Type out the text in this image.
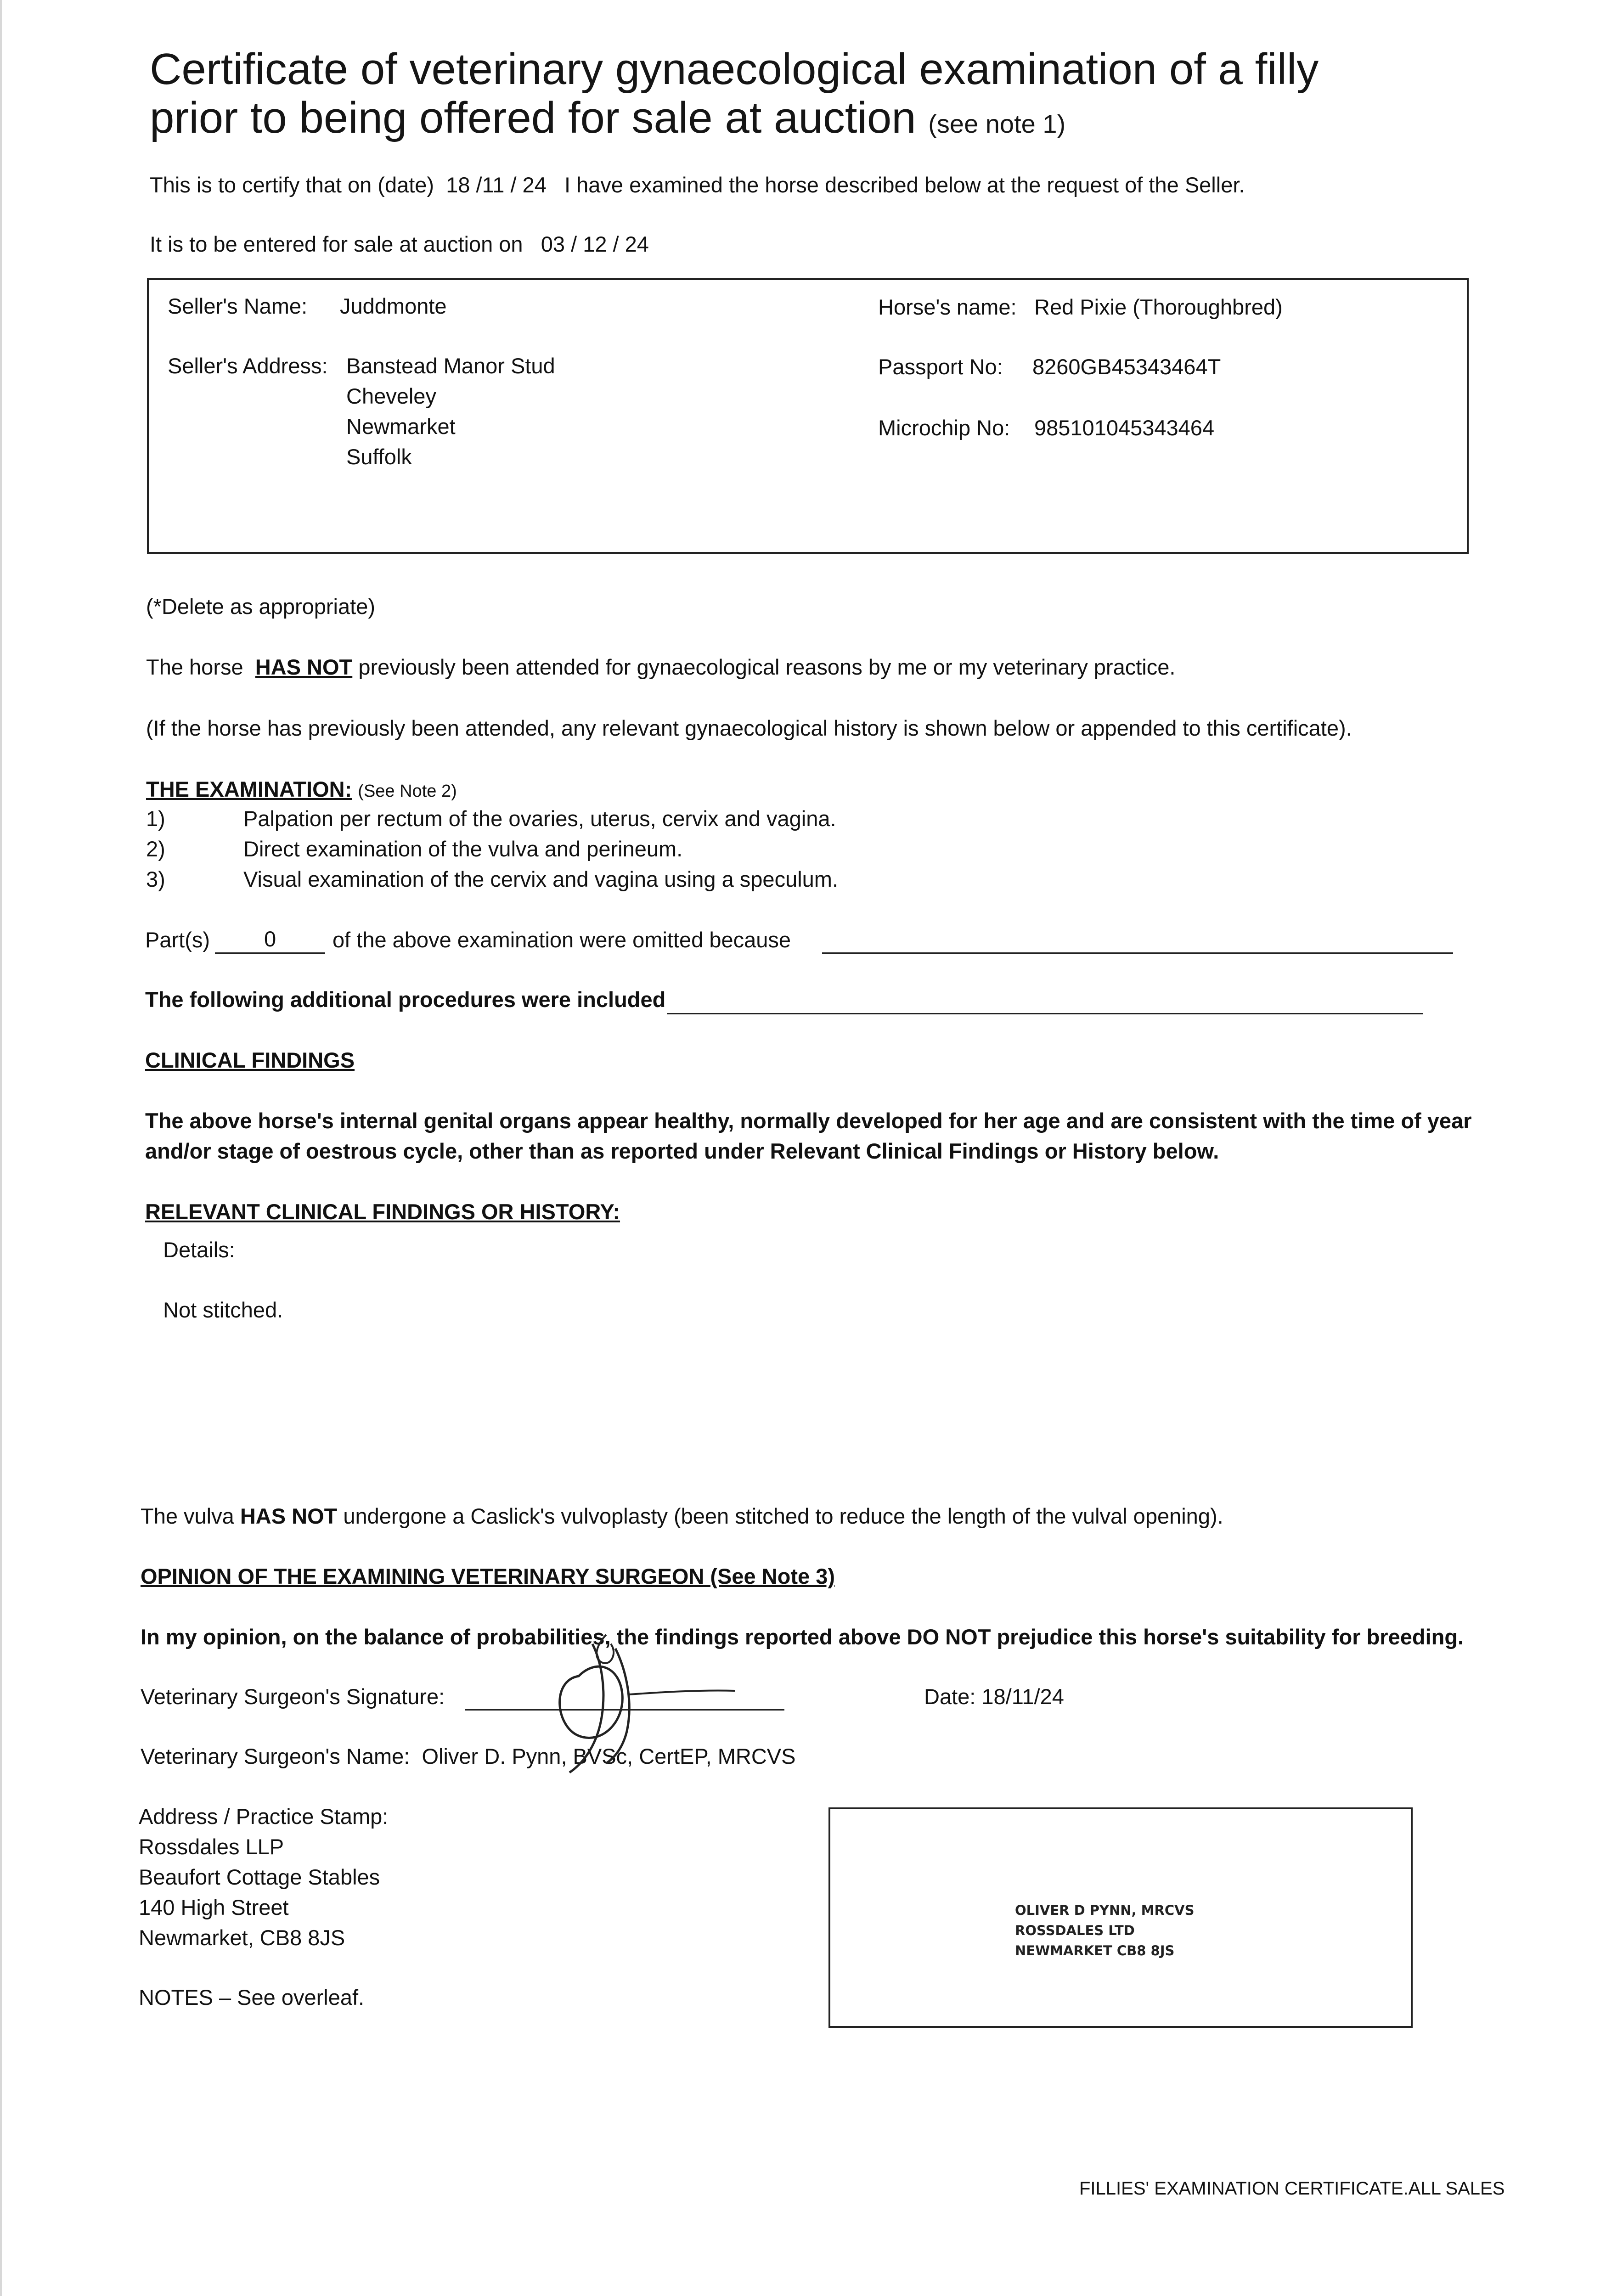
Certificate of veterinary gynaecological examination of a filly
prior to being offered for sale at auction (see note 1)
This is to certify that on (date) 18 /11 / 24 I have examined the horse described below at the request of the Seller.
It is to be entered for sale at auction on 03 / 12 / 24
Seller's Name: Juddmonte
Seller's Address: Banstead Manor Stud
Cheveley
Newmarket
Suffolk
Horse's name: Red Pixie (Thoroughbred)
Passport No: 8260GB45343464T
Microchip No: 985101045343464
(*Delete as appropriate)
The horse HAS NOT previously been attended for gynaecological reasons by me or my veterinary practice.
(If the horse has previously been attended, any relevant gynaecological history is shown below or appended to this certificate).
THE EXAMINATION: (See Note 2)
1)	Palpation per rectum of the ovaries, uterus, cervix and vagina.
2)	Direct examination of the vulva and perineum.
3)	Visual examination of the cervix and vagina using a speculum.
Part(s)	0	of the above examination were omitted because
The following additional procedures were included
CLINICAL FINDINGS
The above horse's internal genital organs appear healthy, normally developed for her age and are consistent with the time of year
and/or stage of oestrous cycle, other than as reported under Relevant Clinical Findings or History below.
RELEVANT CLINICAL FINDINGS OR HISTORY:
Details:
Not stitched.
The vulva HAS NOT undergone a Caslick's vulvoplasty (been stitched to reduce the length of the vulval opening).
OPINION OF THE EXAMINING VETERINARY SURGEON (See Note 3)
In my opinion, on the balance of probabilities, the findings reported above DO NOT prejudice this horse's suitability for breeding.
Veterinary Surgeon's Signature:	Date: 18/11/24
Veterinary Surgeon's Name: Oliver D. Pynn, BVSc, CertEP, MRCVS
Address / Practice Stamp:
Rossdales LLP
Beaufort Cottage Stables
140 High Street
Newmarket, CB8 8JS
NOTES – See overleaf.
OLIVER D PYNN, MRCVS
ROSSDALES LTD
NEWMARKET CB8 8JS
FILLIES' EXAMINATION CERTIFICATE.ALL SALES
